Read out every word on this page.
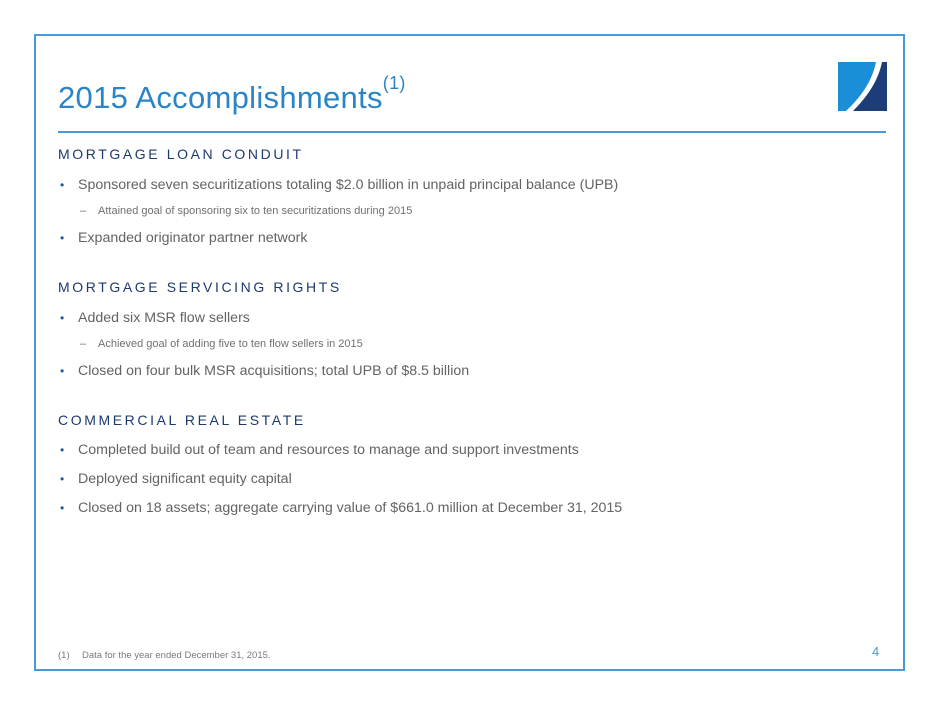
2015 Accomplishments$^{(1)}$
MORTGAGE LOAN CONDUIT
• Sponsored seven securitizations totaling $2.0 billion in unpaid principal balance (UPB)
– Attained goal of sponsoring six to ten securitizations during 2015
• Expanded originator partner network
MORTGAGE SERVICING RIGHTS
• Added six MSR flow sellers
– Achieved goal of adding five to ten flow sellers in 2015
• Closed on four bulk MSR acquisitions; total UPB of $8.5 billion
COMMERCIAL REAL ESTATE
• Completed build out of team and resources to manage and support investments
• Deployed significant equity capital
• Closed on 18 assets; aggregate carrying value of $661.0 million at December 31, 2015
(1) Data for the year ended December 31, 2015.	4
